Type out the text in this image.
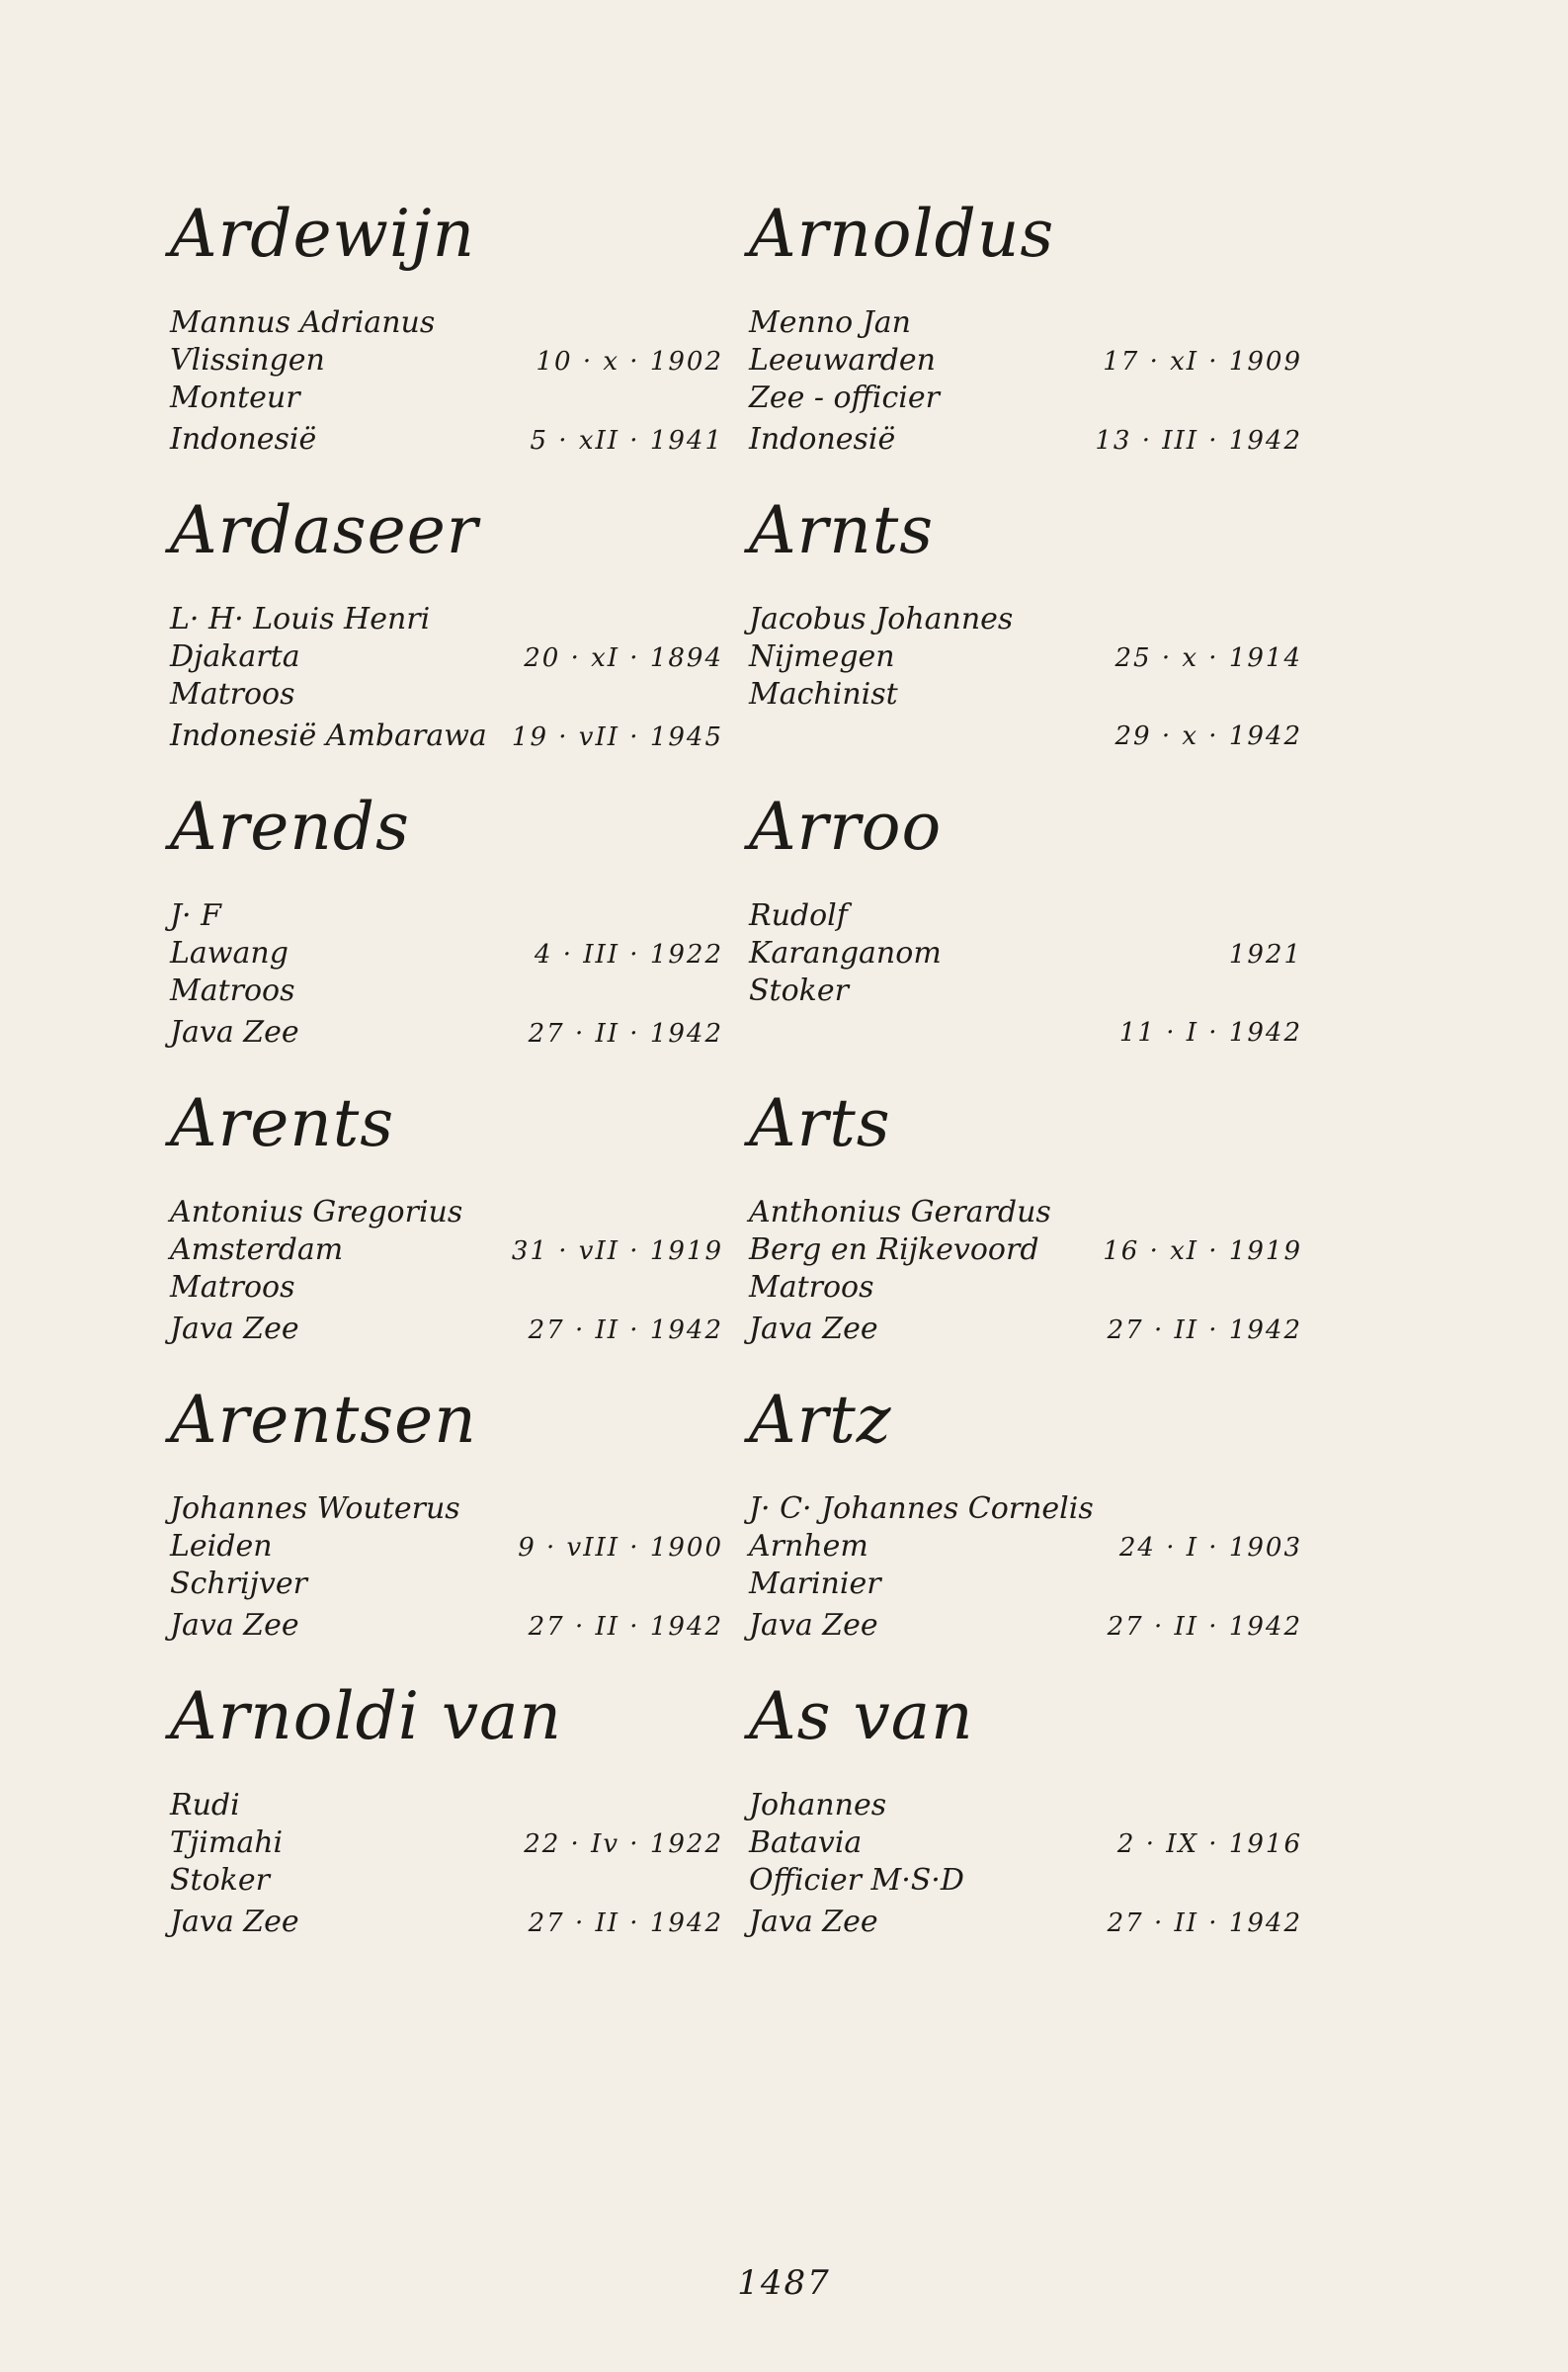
Ardewijn
Mannus Adrianus
Vlissingen	10 · x · 1902
Monteur
Indonesië	5 · xII · 1941
Ardaseer
L· H· Louis Henri
Djakarta	20 · xI · 1894
Matroos
Indonesië Ambarawa 19 · vII · 1945
Arends
J· F
Lawang	4 · III · 1922
Matroos
Java Zee	27 · II · 1942
Arents
Antonius Gregorius
Amsterdam	31 · vII · 1919
Matroos
Java Zee	27 · II · 1942
Arentsen
Johannes Wouterus
Leiden	9 · vIII · 1900
Schrijver
Java Zee	27 · II · 1942
Arnoldi van
Rudi
Tjimahi	22 · Iv · 1922
Stoker
Java Zee	27 · II · 1942
Arnoldus
Menno Jan
Leeuwarden	17 · xI · 1909
Zee - officier
Indonesië	13 · III · 1942
Arnts
Jacobus Johannes
Nijmegen	25 · x · 1914
Machinist
29 · x · 1942
Arroo
Rudolf
Karanganom	1921
Stoker
11 · I · 1942
Arts
Anthonius Gerardus
Berg en Rijkevoord 16 · xI · 1919
Matroos
Java Zee	27 · II · 1942
Artz
J· C· Johannes Cornelis
Arnhem	24 · I · 1903
Marinier
Java Zee	27 · II · 1942
As van
Johannes
Batavia	2 · IX · 1916
Officier M·S·D
Java Zee	27 · II · 1942
1487
